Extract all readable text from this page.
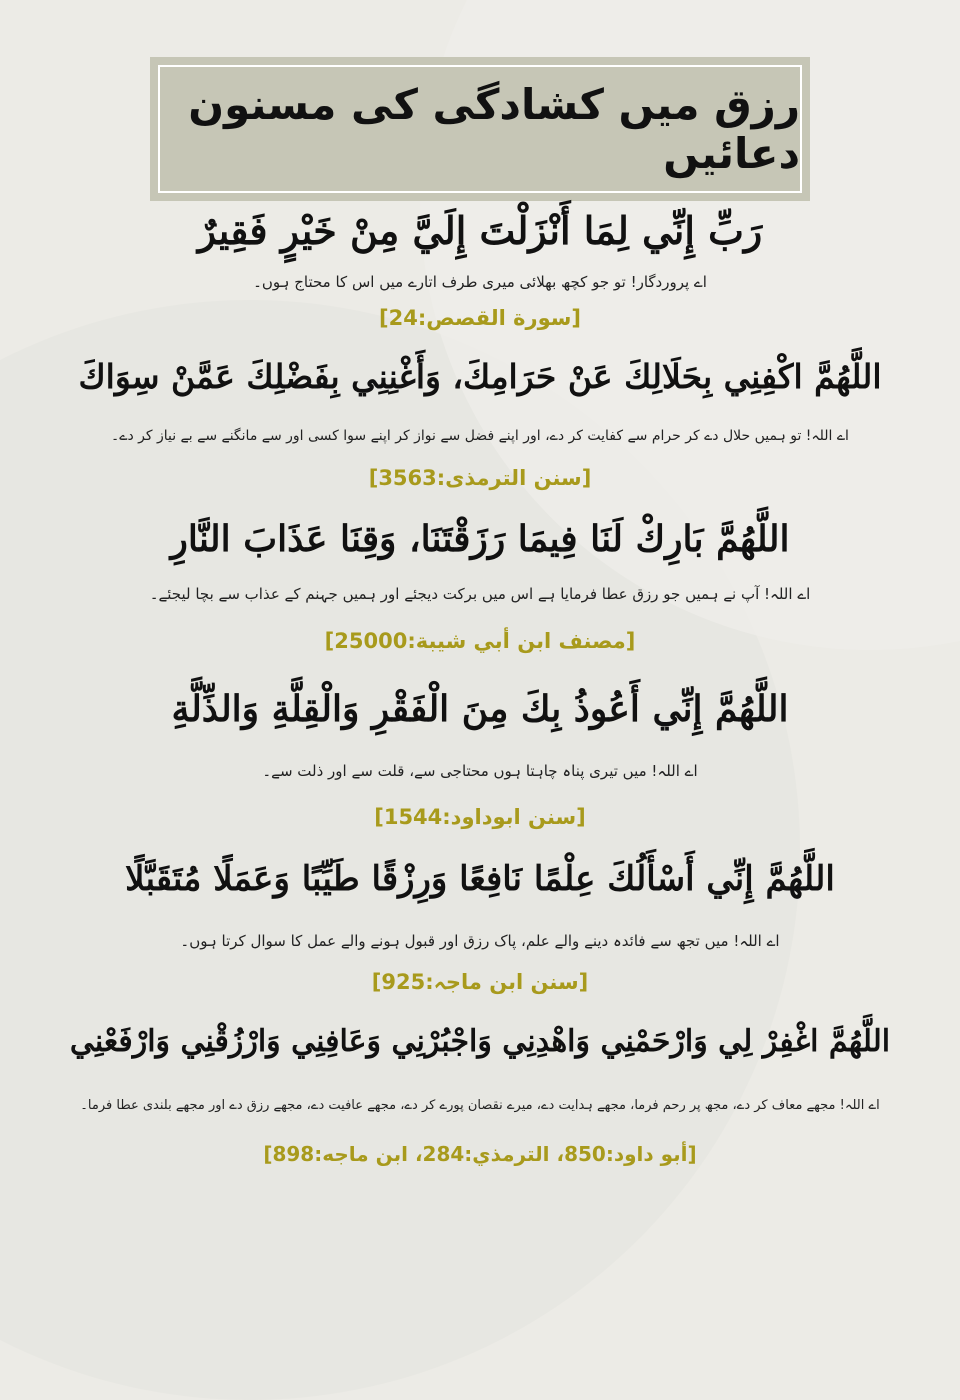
رزق میں کشادگی کی مسنون دعائیں
رَبِّ إِنِّي لِمَا أَنْزَلْتَ إِلَيَّ مِنْ خَيْرٍ فَقِيرٌ
اے پروردگار! تو جو کچھ بھلائی میری طرف اتارے میں اس کا محتاج ہوں۔
[سورة القصص:24]
اللَّهُمَّ اكْفِنِي بِحَلَالِكَ عَنْ حَرَامِكَ، وَأَغْنِنِي بِفَضْلِكَ عَمَّنْ سِوَاكَ
اے اللہ! تو ہمیں حلال دے کر حرام سے کفایت کر دے، اور اپنے فضل سے نواز کر اپنے سوا کسی اور سے مانگنے سے بے نیاز کر دے۔
[سنن الترمذی:3563]
اللَّهُمَّ بَارِكْ لَنَا فِيمَا رَزَقْتَنَا، وَقِنَا عَذَابَ النَّارِ
اے اللہ! آپ نے ہمیں جو رزق عطا فرمایا ہے اس میں برکت دیجئے اور ہمیں جہنم کے عذاب سے بچا لیجئے۔
[مصنف ابن أبي شيبة:25000]
اللَّهُمَّ إِنِّي أَعُوذُ بِكَ مِنَ الْفَقْرِ وَالْقِلَّةِ وَالذِّلَّةِ
اے اللہ! میں تیری پناہ چاہتا ہوں محتاجی سے، قلت سے اور ذلت سے۔
[سنن ابوداود:1544]
اللَّهُمَّ إِنِّي أَسْأَلُكَ عِلْمًا نَافِعًا وَرِزْقًا طَيِّبًا وَعَمَلًا مُتَقَبَّلًا
اے اللہ! میں تجھ سے فائدہ دینے والے علم، پاک رزق اور قبول ہونے والے عمل کا سوال کرتا ہوں۔
[سنن ابن ماجہ:925]
اللَّهُمَّ اغْفِرْ لِي وَارْحَمْنِي وَاهْدِنِي وَاجْبُرْنِي وَعَافِنِي وَارْزُقْنِي وَارْفَعْنِي
اے اللہ! مجھے معاف کر دے، مجھ پر رحم فرما، مجھے ہدایت دے، میرے نقصان پورے کر دے، مجھے عافیت دے، مجھے رزق دے اور مجھے بلندی عطا فرما۔
[أبو داود:850، الترمذي:284، ابن ماجه:898]
